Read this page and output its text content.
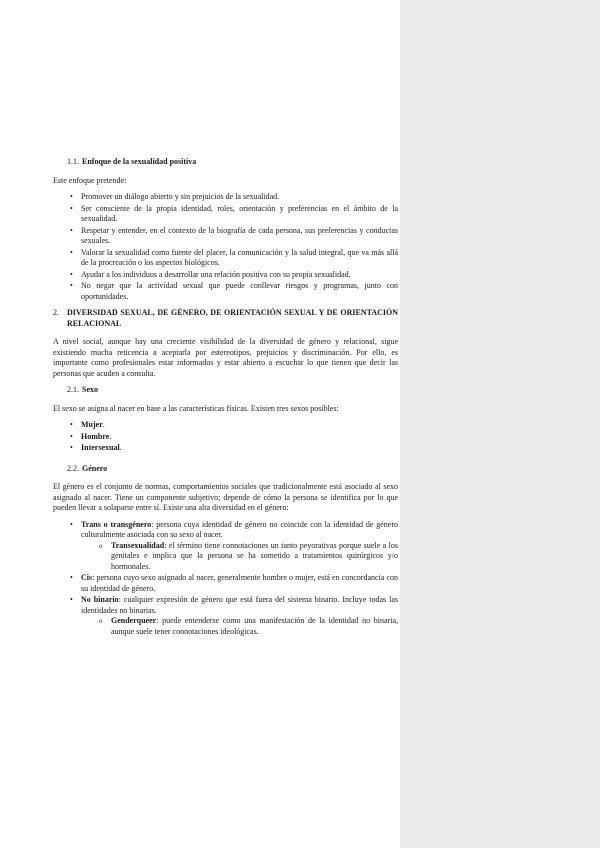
1.1. Enfoque de la sexualidad positiva

Este enfoque pretende:

• Promover un diálogo abierto y sin prejuicios de la sexualidad.
• Ser consciente de la propia identidad, roles, orientación y preferencias en el ámbito de la sexualidad.
• Respetar y entender, en el contexto de la biografía de cada persona, sus preferencias y conductas sexuales.
• Valorar la sexualidad como fuente del placer, la comunicación y la salud integral, que va más allá de la procreación o los aspectos biológicos.
• Ayudar a los individuos a desarrollar una relación positiva con su propia sexualidad.
• No negar que la actividad sexual que puede conllevar riesgos y programas, junto con oportunidades.
2.	DIVERSIDAD SEXUAL, DE GÉNERO, DE ORIENTACIÓN SEXUAL Y DE ORIENTACIÓN RELACIONAL

A nivel social, aunque hay una creciente visibilidad de la diversidad de género y relacional, sigue existiendo mucha reticencia a aceptarla por estereotipos, prejuicios y discriminación. Por ello, es importante como profesionales estar informados y estar abierto a escuchar lo que tienen que decir las personas que acuden a consulta.

2.1. Sexo

El sexo se asigna al nacer en base a las características físicas. Existen tres sexos posibles:

• Mujer.
• Hombre.
• Intersexual.
2.2. Género

El género es el conjunto de normas, comportamientos sociales que tradicionalmente está asociado al sexo asignado al nacer. Tiene un componente subjetivo; depende de cómo la persona se identifica por lo que pueden llevar a solaparse entre sí. Existe una alta diversidad en el género:

• Trans o transgénero: persona cuya identidad de género no coincide con la identidad de género culturalmente asociada con su sexo al nacer.
o Transexualidad: el término tiene connotaciones un tanto peyorativas porque suele a los genitales e implica que la persona se ha sometido a tratamientos quirúrgicos y/o hormonales.
• Cis: persona cuyo sexo asignado al nacer, generalmente hombre o mujer, está en concordancia con su identidad de género.
• No binario: cualquier expresión de género que está fuera del sistema binario. Incluye todas las identidades no binarias.
o Genderqueer: puede entenderse como una manifestación de la identidad no binaria, aunque suele tener connotaciones ideológicas.
